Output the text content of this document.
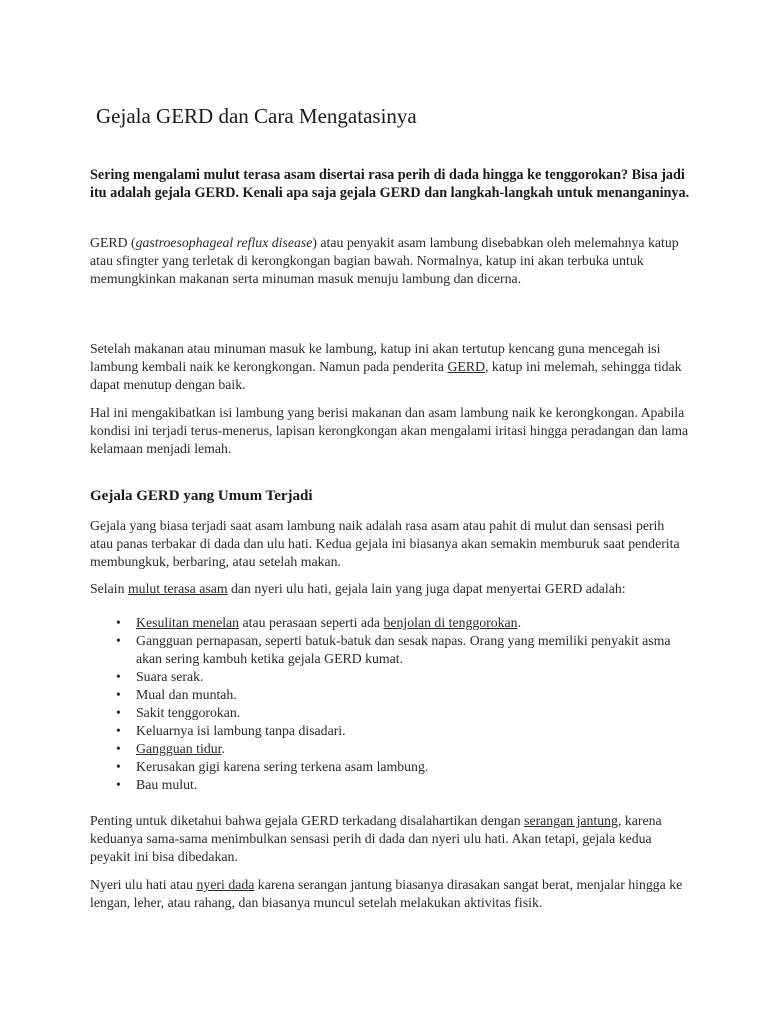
Gejala GERD dan Cara Mengatasinya

Sering mengalami mulut terasa asam disertai rasa perih di dada hingga ke tenggorokan? Bisa jadi itu adalah gejala GERD. Kenali apa saja gejala GERD dan langkah-langkah untuk menanganinya.

GERD (gastroesophageal reflux disease) atau penyakit asam lambung disebabkan oleh melemahnya katup atau sfingter yang terletak di kerongkongan bagian bawah. Normalnya, katup ini akan terbuka untuk memungkinkan makanan serta minuman masuk menuju lambung dan dicerna.

Setelah makanan atau minuman masuk ke lambung, katup ini akan tertutup kencang guna mencegah isi lambung kembali naik ke kerongkongan. Namun pada penderita GERD, katup ini melemah, sehingga tidak dapat menutup dengan baik.

Hal ini mengakibatkan isi lambung yang berisi makanan dan asam lambung naik ke kerongkongan. Apabila kondisi ini terjadi terus-menerus, lapisan kerongkongan akan mengalami iritasi hingga peradangan dan lama kelamaan menjadi lemah.

Gejala GERD yang Umum Terjadi

Gejala yang biasa terjadi saat asam lambung naik adalah rasa asam atau pahit di mulut dan sensasi perih atau panas terbakar di dada dan ulu hati. Kedua gejala ini biasanya akan semakin memburuk saat penderita membungkuk, berbaring, atau setelah makan.

Selain mulut terasa asam dan nyeri ulu hati, gejala lain yang juga dapat menyertai GERD adalah:

• Kesulitan menelan atau perasaan seperti ada benjolan di tenggorokan.
• Gangguan pernapasan, seperti batuk-batuk dan sesak napas. Orang yang memiliki penyakit asma akan sering kambuh ketika gejala GERD kumat.
• Suara serak.
• Mual dan muntah.
• Sakit tenggorokan.
• Keluarnya isi lambung tanpa disadari.
• Gangguan tidur.
• Kerusakan gigi karena sering terkena asam lambung.
• Bau mulut.

Penting untuk diketahui bahwa gejala GERD terkadang disalahartikan dengan serangan jantung, karena keduanya sama-sama menimbulkan sensasi perih di dada dan nyeri ulu hati. Akan tetapi, gejala kedua peyakit ini bisa dibedakan.

Nyeri ulu hati atau nyeri dada karena serangan jantung biasanya dirasakan sangat berat, menjalar hingga ke lengan, leher, atau rahang, dan biasanya muncul setelah melakukan aktivitas fisik.
